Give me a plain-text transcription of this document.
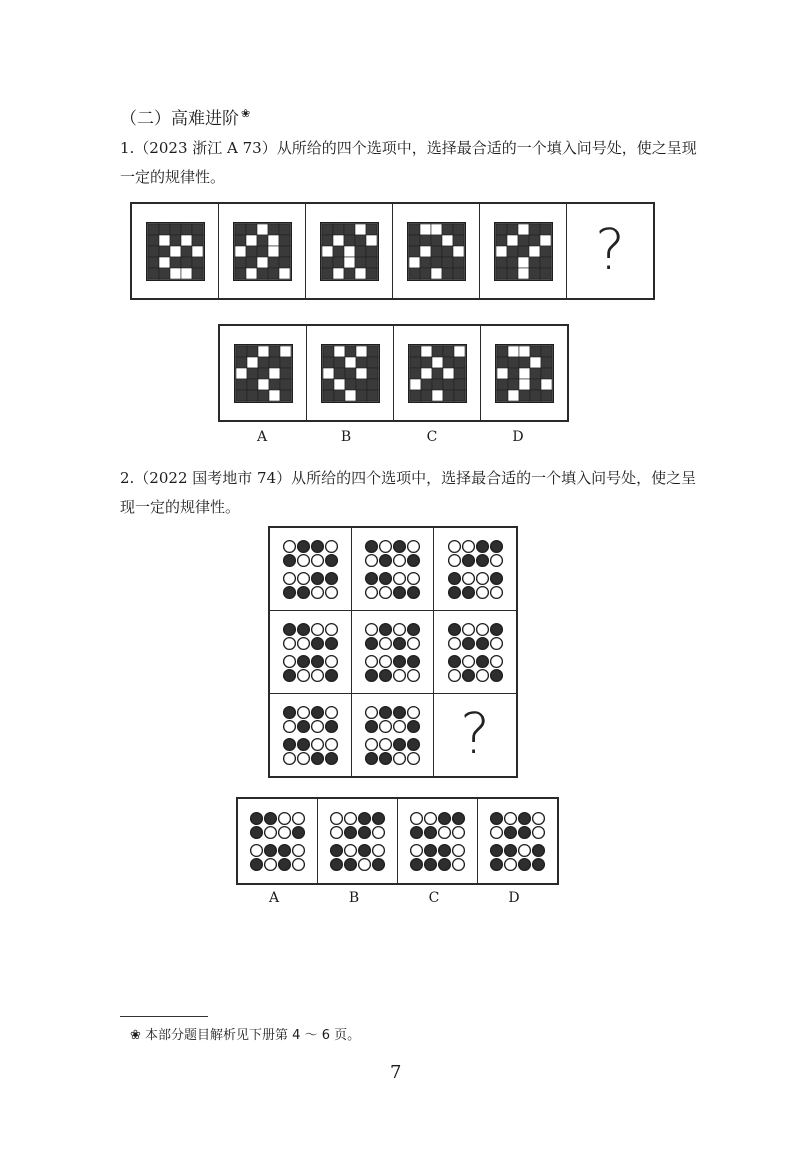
（二）高难进阶 ❀
1.（2023 浙江 A 73）从所给的四个选项中，选择最合适的一个填入问号处，使之呈现一定的规律性。
?
A	B	C	D
2.（2022 国考地市 74）从所给的四个选项中，选择最合适的一个填入问号处，使之呈现一定的规律性。
?
A	B	C	D
❀ 本部分题目解析见下册第 4 ～ 6 页。
7
